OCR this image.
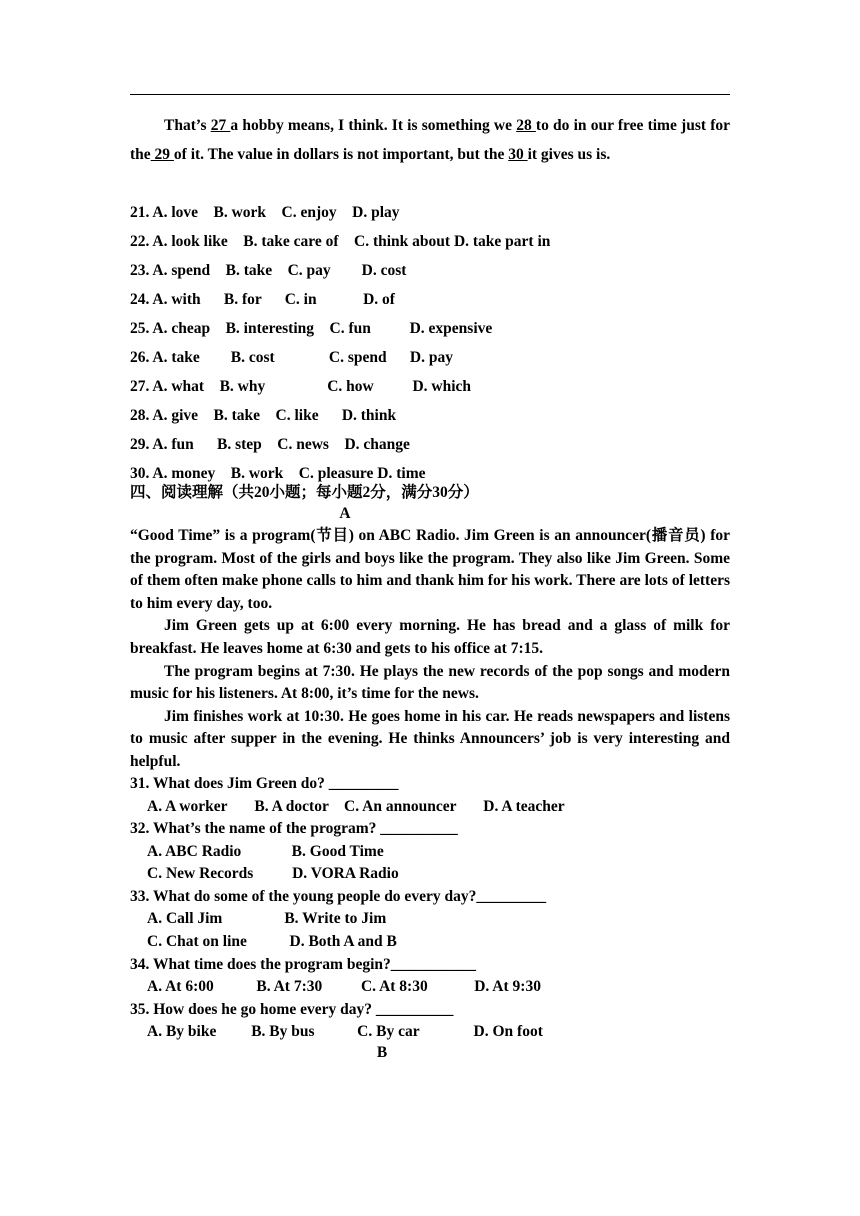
That’s 27 a hobby means, I think. It is something we 28 to do in our free time just for the 29 of it. The value in dollars is not important, but the 30 it gives us is.
21. A. love    B. work    C. enjoy    D. play
22. A. look like    B. take care of    C. think about D. take part in
23. A. spend    B. take    C. pay        D. cost
24. A. with      B. for      C. in            D. of
25. A. cheap    B. interesting    C. fun          D. expensive
26. A. take        B. cost              C. spend      D. pay
27. A. what    B. why                C. how          D. which
28. A. give    B. take    C. like      D. think
29. A. fun      B. step    C. news    D. change
30. A. money    B. work    C. pleasure D. time
四、阅读理解（共20小题；每小题2分，满分30分）
A

“Good Time” is a program(节目) on ABC Radio. Jim Green is an announcer(播音员) for the program. Most of the girls and boys like the program. They also like Jim Green. Some of them often make phone calls to him and thank him for his work. There are lots of letters to him every day, too.

Jim Green gets up at 6:00 every morning. He has bread and a glass of milk for breakfast. He leaves home at 6:30 and gets to his office at 7:15.

The program begins at 7:30. He plays the new records of the pop songs and modern music for his listeners. At 8:00, it’s time for the news.

Jim finishes work at 10:30. He goes home in his car. He reads newspapers and listens to music after supper in the evening. He thinks Announcers’ job is very interesting and helpful.

31. What does Jim Green do? _________
A. A worker       B. A doctor    C. An announcer       D. A teacher
32. What’s the name of the program? __________
A. ABC Radio             B. Good Time
C. New Records          D. VORA Radio
33. What do some of the young people do every day?_________
A. Call Jim                B. Write to Jim
C. Chat on line           D. Both A and B
34. What time does the program begin?___________
A. At 6:00           B. At 7:30          C. At 8:30            D. At 9:30
35. How does he go home every day? __________
A. By bike         B. By bus           C. By car              D. On foot
B
